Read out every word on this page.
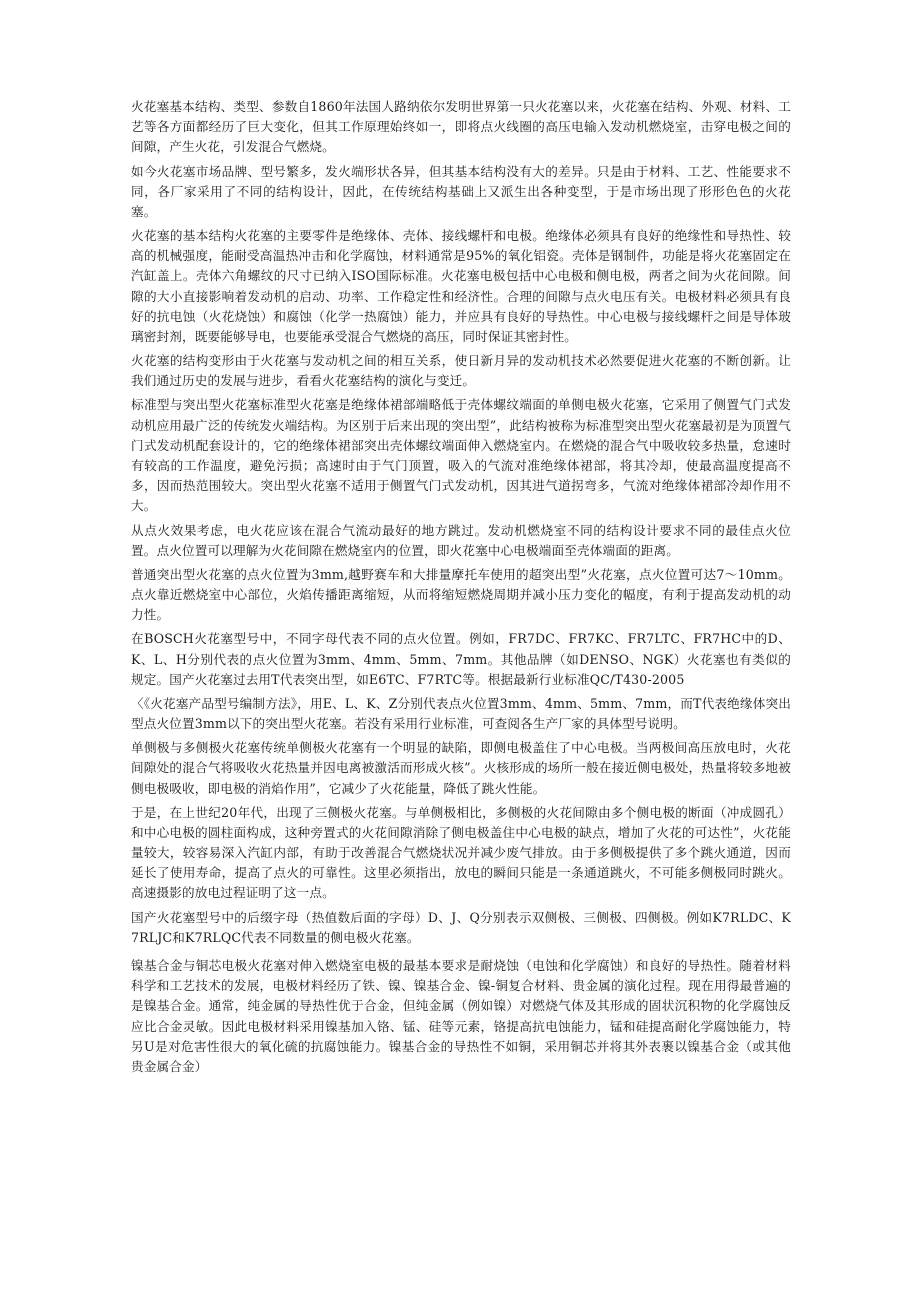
火花塞基本结构、类型、参数自1860年法国人路纳依尔发明世界第一只火花塞以来，火花塞在结构、外观、材料、工艺等各方面都经历了巨大变化，但其工作原理始终如一，即将点火线圈的高压电输入发动机燃烧室，击穿电极之间的间隙，产生火花，引发混合气燃烧。

如今火花塞市场品牌、型号繁多，发火端形状各异，但其基本结构没有大的差异。只是由于材料、工艺、性能要求不同，各厂家采用了不同的结构设计，因此，在传统结构基础上又派生出各种变型，于是市场出现了形形色色的火花塞。

火花塞的基本结构火花塞的主要零件是绝缘体、壳体、接线螺杆和电极。绝缘体必须具有良好的绝缘性和导热性、较高的机械强度，能耐受高温热冲击和化学腐蚀，材料通常是95%的氧化铝瓷。壳体是钢制件，功能是将火花塞固定在汽缸盖上。壳体六角螺纹的尺寸已纳入ISO国际标准。火花塞电极包括中心电极和侧电极，两者之间为火花间隙。间隙的大小直接影响着发动机的启动、功率、工作稳定性和经济性。合理的间隙与点火电压有关。电极材料必须具有良好的抗电蚀（火花烧蚀）和腐蚀（化学一热腐蚀）能力，并应具有良好的导热性。中心电极与接线螺杆之间是导体玻璃密封剂，既要能够导电，也要能承受混合气燃烧的高压，同时保证其密封性。

火花塞的结构变形由于火花塞与发动机之间的相互关系，使日新月异的发动机技术必然要促进火花塞的不断创新。让我们通过历史的发展与进步，看看火花塞结构的演化与变迁。

标准型与突出型火花塞标准型火花塞是绝缘体裙部端略低于壳体螺纹端面的单侧电极火花塞，它采用了侧置气门式发动机应用最广泛的传统发火端结构。为区别于后来出现的突出型”，此结构被称为标准型突出型火花塞最初是为顶置气门式发动机配套设计的，它的绝缘体裙部突出壳体螺纹端面伸入燃烧室内。在燃烧的混合气中吸收较多热量，怠速时有较高的工作温度，避免污损；高速时由于气门顶置，吸入的气流对准绝缘体裙部，将其冷却，使最高温度提高不多，因而热范围较大。突出型火花塞不适用于侧置气门式发动机，因其进气道拐弯多，气流对绝缘体裙部冷却作用不大。

从点火效果考虑，电火花应该在混合气流动最好的地方跳过。发动机燃烧室不同的结构设计要求不同的最佳点火位置。点火位置可以理解为火花间隙在燃烧室内的位置，即火花塞中心电极端面至壳体端面的距离。

普通突出型火花塞的点火位置为3mm,越野赛车和大排量摩托车使用的超突出型”火花塞，点火位置可达7～10mm。点火靠近燃烧室中心部位，火焰传播距离缩短，从而将缩短燃烧周期并减小压力变化的幅度，有利于提高发动机的动力性。

在BOSCH火花塞型号中，不同字母代表不同的点火位置。例如，FR7DC、FR7KC、FR7LTC、FR7HC中的D、K、L、H分别代表的点火位置为3mm、4mm、5mm、7mm。其他品牌（如DENSO、NGK）火花塞也有类似的规定。国产火花塞过去用T代表突出型，如E6TC、F7RTC等。根据最新行业标准QC/T430-2005

〈《火花塞产品型号编制方法》，用E、L、K、Z分别代表点火位置3mm、4mm、5mm、7mm，而T代表绝缘体突出型点火位置3mm以下的突出型火花塞。若没有采用行业标准，可查阅各生产厂家的具体型号说明。

单侧极与多侧极火花塞传统单侧极火花塞有一个明显的缺陷，即侧电极盖住了中心电极。当两极间高压放电时，火花间隙处的混合气将吸收火花热量并因电离被激活而形成火核”。火核形成的场所一般在接近侧电极处，热量将较多地被侧电极吸收，即电极的消焰作用”，它减少了火花能量，降低了跳火性能。

于是，在上世纪20年代，出现了三侧极火花塞。与单侧极相比，多侧极的火花间隙由多个侧电极的断面（冲成圆孔）和中心电极的圆柱面构成，这种旁置式的火花间隙消除了侧电极盖住中心电极的缺点，增加了火花的可达性”，火花能量较大，较容易深入汽缸内部，有助于改善混合气燃烧状况并减少废气排放。由于多侧极提供了多个跳火通道，因而延长了使用寿命，提高了点火的可靠性。这里必须指出，放电的瞬间只能是一条通道跳火，不可能多侧极同时跳火。高速摄影的放电过程证明了这一点。

国产火花塞型号中的后缀字母（热值数后面的字母）D、J、Q分别表示双侧极、三侧极、四侧极。例如K7RLDC、K7RLJC和K7RLQC代表不同数量的侧电极火花塞。

镍基合金与铜芯电极火花塞对伸入燃烧室电极的最基本要求是耐烧蚀（电蚀和化学腐蚀）和良好的导热性。随着材料科学和工艺技术的发展，电极材料经历了铁、镍、镍基合金、镍-铜复合材料、贵金属的演化过程。现在用得最普遍的是镍基合金。通常，纯金属的导热性优于合金，但纯金属（例如镍）对燃烧气体及其形成的固状沉积物的化学腐蚀反应比合金灵敏。因此电极材料采用镍基加入铬、锰、硅等元素，铬提高抗电蚀能力，锰和硅提高耐化学腐蚀能力，特另U是对危害性很大的氧化硫的抗腐蚀能力。镍基合金的导热性不如铜，采用铜芯并将其外表裹以镍基合金（或其他贵金属合金）
